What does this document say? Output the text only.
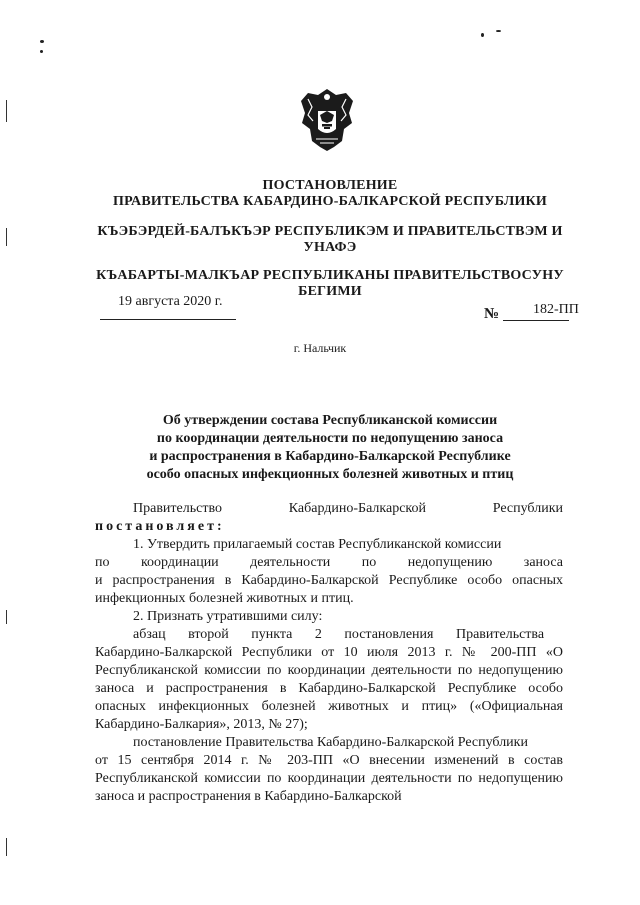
ПОСТАНОВЛЕНИЕ
ПРАВИТЕЛЬСТВА КАБАРДИНО-БАЛКАРСКОЙ РЕСПУБЛИКИ
КЪЭБЭРДЕЙ-БАЛЪКЪЭР РЕСПУБЛИКЭМ И ПРАВИТЕЛЬСТВЭМ И
УНАФЭ
КЪАБАРТЫ-МАЛКЪАР РЕСПУБЛИКАНЫ ПРАВИТЕЛЬСТВОСУНУ
БЕГИМИ
19 августа 2020 г.
№ 182-ПП
г. Нальчик
Об утверждении состава Республиканской комиссии
по координации деятельности по недопущению заноса
и распространения в Кабардино-Балкарской Республике
особо опасных инфекционных болезней животных и птиц
Правительство	Кабардино-Балкарской	Республики

постановляет:

1. Утвердить прилагаемый состав Республиканской комиссии

по координации деятельности по недопущению заноса

и распространения в Кабардино-Балкарской Республике особо опасных инфекционных болезней животных и птиц.

2. Признать утратившими силу:

абзац второй пункта 2 постановления Правительства

Кабардино-Балкарской Республики от 10 июля 2013 г. № 200-ПП «О Республиканской комиссии по координации деятельности по недопущению заноса и распространения в Кабардино-Балкарской Республике особо опасных инфекционных болезней животных и птиц» («Официальная Кабардино-Балкария», 2013, № 27);

постановление Правительства Кабардино-Балкарской Республики

от 15 сентября 2014 г. № 203-ПП «О внесении изменений в состав Республиканской комиссии по координации деятельности по недопущению заноса и распространения в Кабардино-Балкарской
